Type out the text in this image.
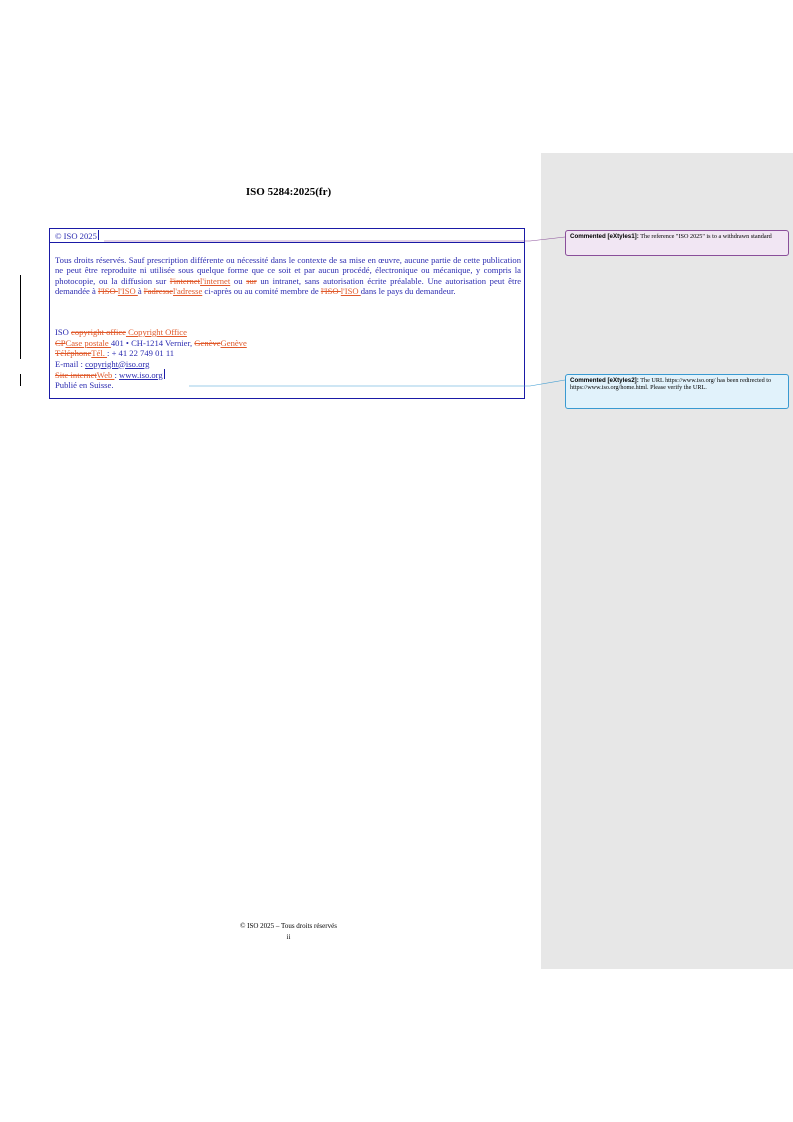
ISO 5284:2025(fr)
© ISO 2025
Tous droits réservés. Sauf prescription différente ou nécessité dans le contexte de sa mise en œuvre, aucune partie de cette publication ne peut être reproduite ni utilisée sous quelque forme que ce soit et par aucun procédé, électronique ou mécanique, y compris la photocopie, ou la diffusion sur l'internetl'internet ou sur un intranet, sans autorisation écrite préalable. Une autorisation peut être demandée à l'ISO l'ISO à l'adressel'adresse ci-après ou au comité membre de l'ISO l'ISO dans le pays du demandeur.
ISO copyright office Copyright Office
CPCase postale 401 • CH-1214 Vernier, GenèveGenève
TéléphoneTél. : + 41 22 749 01 11
E-mail : copyright@iso.org
Site internetWeb : www.iso.org
Publié en Suisse.
Commented [eXtyles1]: The reference "ISO 2025" is to a withdrawn standard
Commented [eXtyles2]: The URL https://www.iso.org/ has been redirected to https://www.iso.org/home.html. Please verify the URL.
© ISO 2025 – Tous droits réservés
ii
